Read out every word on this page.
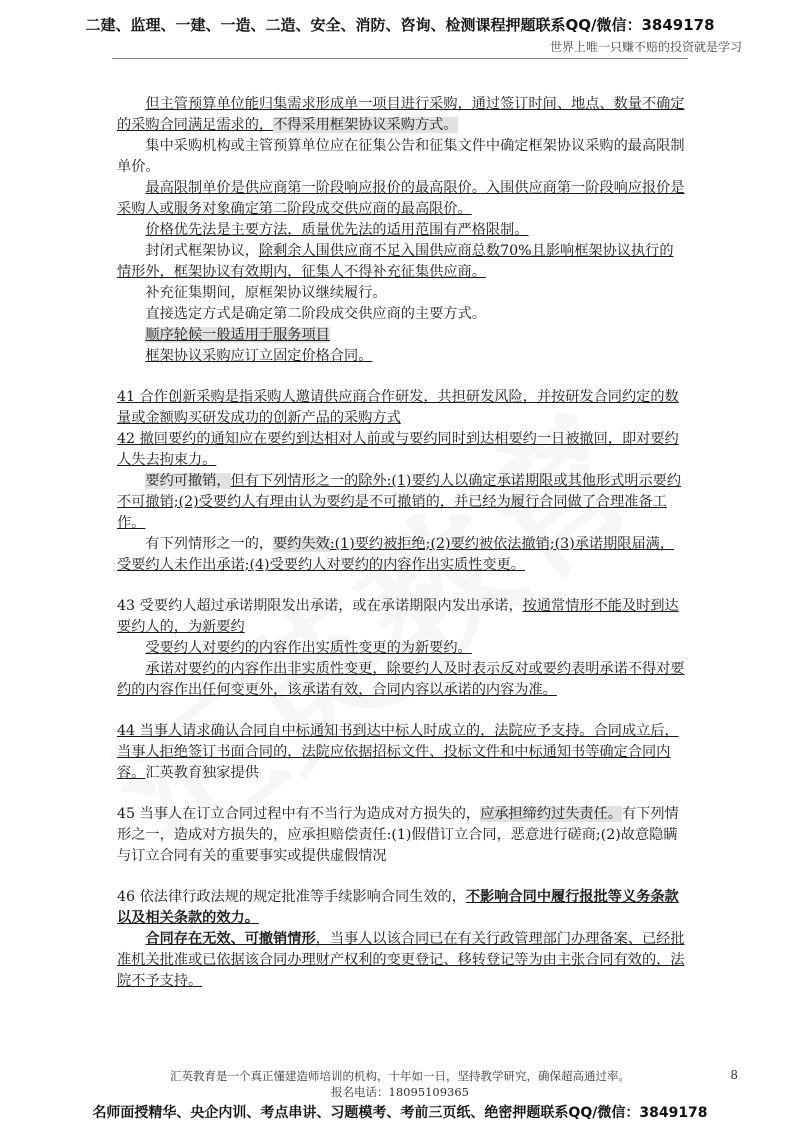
二建、监理、一建、一造、二造、安全、消防、咨询、检测课程押题联系QQ/微信：3849178
世界上唯一只赚不赔的投资就是学习

但主管预算单位能归集需求形成单一项目进行采购，通过签订时间、地点、数量不确定的采购合同满足需求的，不得采用框架协议采购方式。

集中采购机构或主管预算单位应在征集公告和征集文件中确定框架协议采购的最高限制单价。

最高限制单价是供应商第一阶段响应报价的最高限价。入围供应商第一阶段响应报价是采购人或服务对象确定第二阶段成交供应商的最高限价。

价格优先法是主要方法，质量优先法的适用范围有严格限制。

封闭式框架协议，除剩余人围供应商不足入围供应商总数70%且影响框架协议执行的情形外，框架协议有效期内，征集人不得补充征集供应商。

补充征集期间，原框架协议继续履行。

直接选定方式是确定第二阶段成交供应商的主要方式。

顺序轮候一般适用于服务项目

框架协议采购应订立固定价格合同。

41 合作创新采购是指采购人邀请供应商合作研发，共担研发风险，并按研发合同约定的数量或金额购买研发成功的创新产品的采购方式

42 撤回要约的通知应在要约到达相对人前或与要约同时到达相要约一日被撤回，即对要约人失去拘束力。

要约可撤销，但有下列情形之一的除外:(1)要约人以确定承诺期限或其他形式明示要约不可撤销;(2)受要约人有理由认为要约是不可撤销的，并已经为履行合同做了合理准备工作。

有下列情形之一的，要约失效:(1)要约被拒绝;(2)要约被依法撤销;(3)承诺期限届满，受要约人未作出承诺;(4)受要约人对要约的内容作出实质性变更。

43 受要约人超过承诺期限发出承诺，或在承诺期限内发出承诺，按通常情形不能及时到达要约人的，为新要约

受要约人对要约的内容作出实质性变更的为新要约。

承诺对要约的内容作出非实质性变更，除要约人及时表示反对或要约表明承诺不得对要约的内容作出任何变更外，该承诺有效，合同内容以承诺的内容为准。

44 当事人请求确认合同自中标通知书到达中标人时成立的，法院应予支持。合同成立后，当事人拒绝签订书面合同的，法院应依据招标文件、投标文件和中标通知书等确定合同内容。汇英教育独家提供

45 当事人在订立合同过程中有不当行为造成对方损失的，应承担缔约过失责任。有下列情形之一，造成对方损失的，应承担赔偿责任:(1)假借订立合同，恶意进行磋商;(2)故意隐瞒与订立合同有关的重要事实或提供虚假情况

46 依法律行政法规的规定批准等手续影响合同生效的，不影响合同中履行报批等义务条款以及相关条款的效力。

合同存在无效、可撤销情形，当事人以该合同已在有关行政管理部门办理备案、已经批准机关批准或已依据该合同办理财产权利的变更登记、移转登记等为由主张合同有效的，法院不予支持。

汇英教育是一个真正懂建造师培训的机构，十年如一日，坚持教学研究，确保超高通过率。
报名电话：18095109365
8
名师面授精华、央企内训、考点串讲、习题模考、考前三页纸、绝密押题联系QQ/微信：3849178
